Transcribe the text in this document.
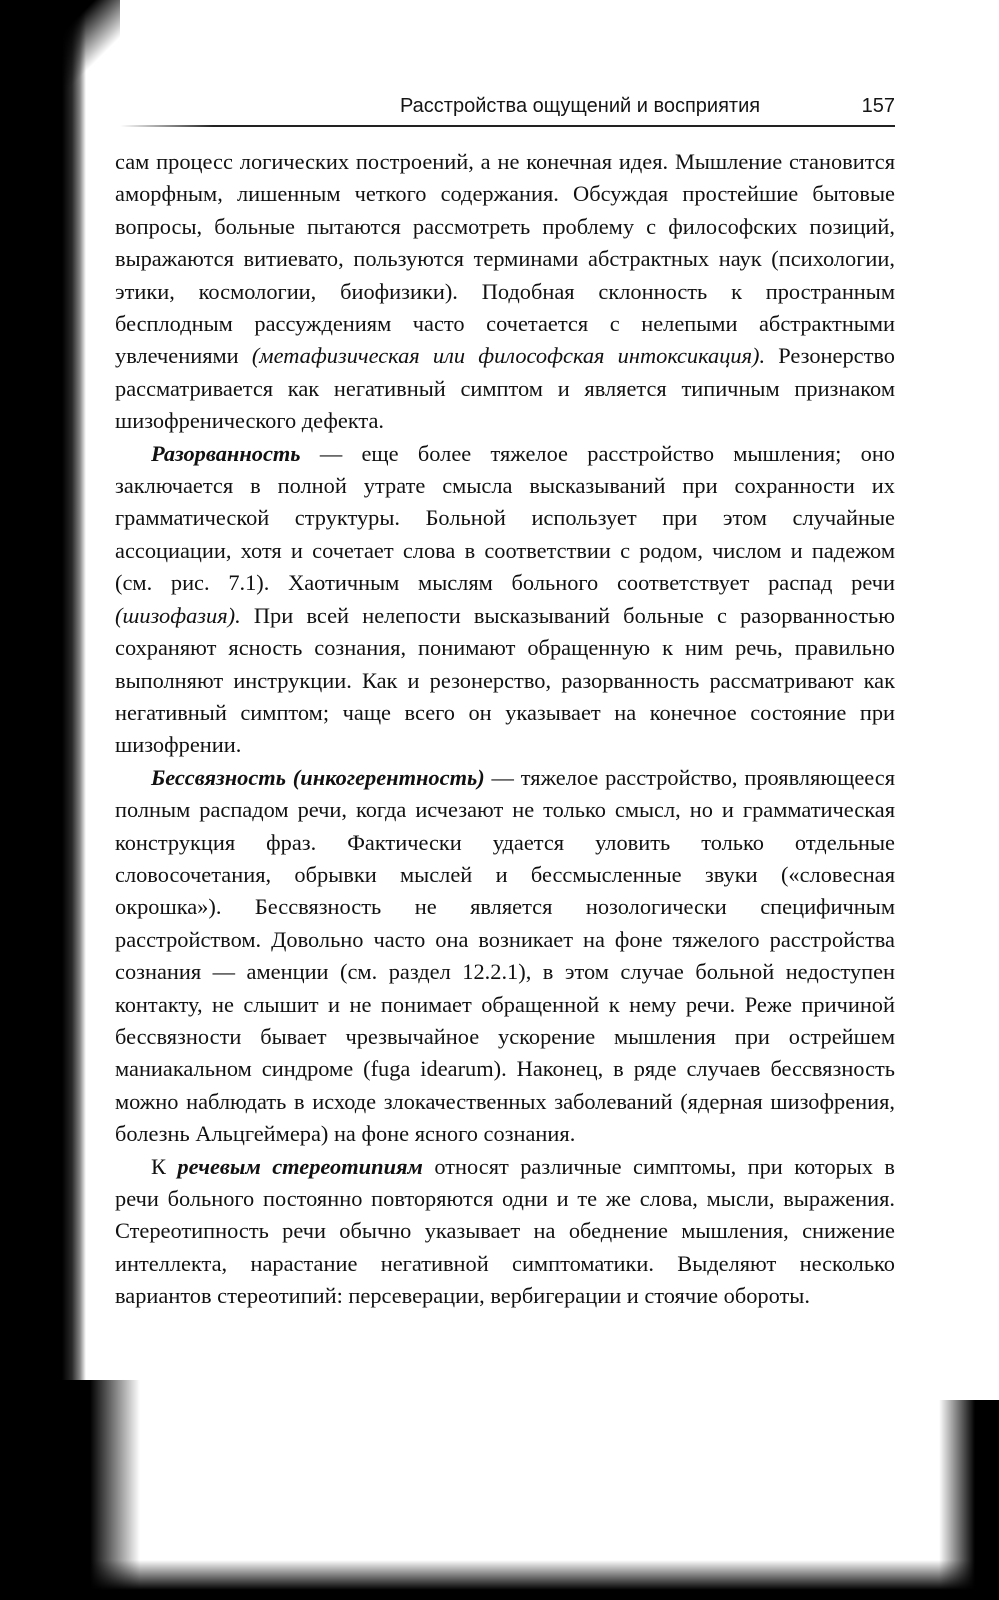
Расстройства ощущений и восприятия	157

сам процесс логических построений, а не конечная идея. Мышление становится аморфным, лишенным четкого содержания. Обсуждая простейшие бытовые вопросы, больные пытаются рассмотреть проблему с философских позиций, выражаются витиевато, пользуются терминами абстрактных наук (психологии, этики, космологии, биофизики). Подобная склонность к пространным бесплодным рассуждениям часто сочетается с нелепыми абстрактными увлечениями (метафизическая или философская интоксикация). Резонерство рассматривается как негативный симптом и является типичным признаком шизофренического дефекта.

Разорванность — еще более тяжелое расстройство мышления; оно заключается в полной утрате смысла высказываний при сохранности их грамматической структуры. Больной использует при этом случайные ассоциации, хотя и сочетает слова в соответствии с родом, числом и падежом (см. рис. 7.1). Хаотичным мыслям больного соответствует распад речи (шизофазия). При всей нелепости высказываний больные с разорванностью сохраняют ясность сознания, понимают обращенную к ним речь, правильно выполняют инструкции. Как и резонерство, разорванность рассматривают как негативный симптом; чаще всего он указывает на конечное состояние при шизофрении.

Бессвязность (инкогерентность) — тяжелое расстройство, проявляющееся полным распадом речи, когда исчезают не только смысл, но и грамматическая конструкция фраз. Фактически удается уловить только отдельные словосочетания, обрывки мыслей и бессмысленные звуки («словесная окрошка»). Бессвязность не является нозологически специфичным расстройством. Довольно часто она возникает на фоне тяжелого расстройства сознания — аменции (см. раздел 12.2.1), в этом случае больной недоступен контакту, не слышит и не понимает обращенной к нему речи. Реже причиной бессвязности бывает чрезвычайное ускорение мышления при острейшем маниакальном синдроме (fuga idearum). Наконец, в ряде случаев бессвязность можно наблюдать в исходе злокачественных заболеваний (ядерная шизофрения, болезнь Альцгеймера) на фоне ясного сознания.

К речевым стереотипиям относят различные симптомы, при которых в речи больного постоянно повторяются одни и те же слова, мысли, выражения. Стереотипность речи обычно указывает на обеднение мышления, снижение интеллекта, нарастание негативной симптоматики. Выделяют несколько вариантов стереотипий: персеверации, вербигерации и стоячие обороты.
